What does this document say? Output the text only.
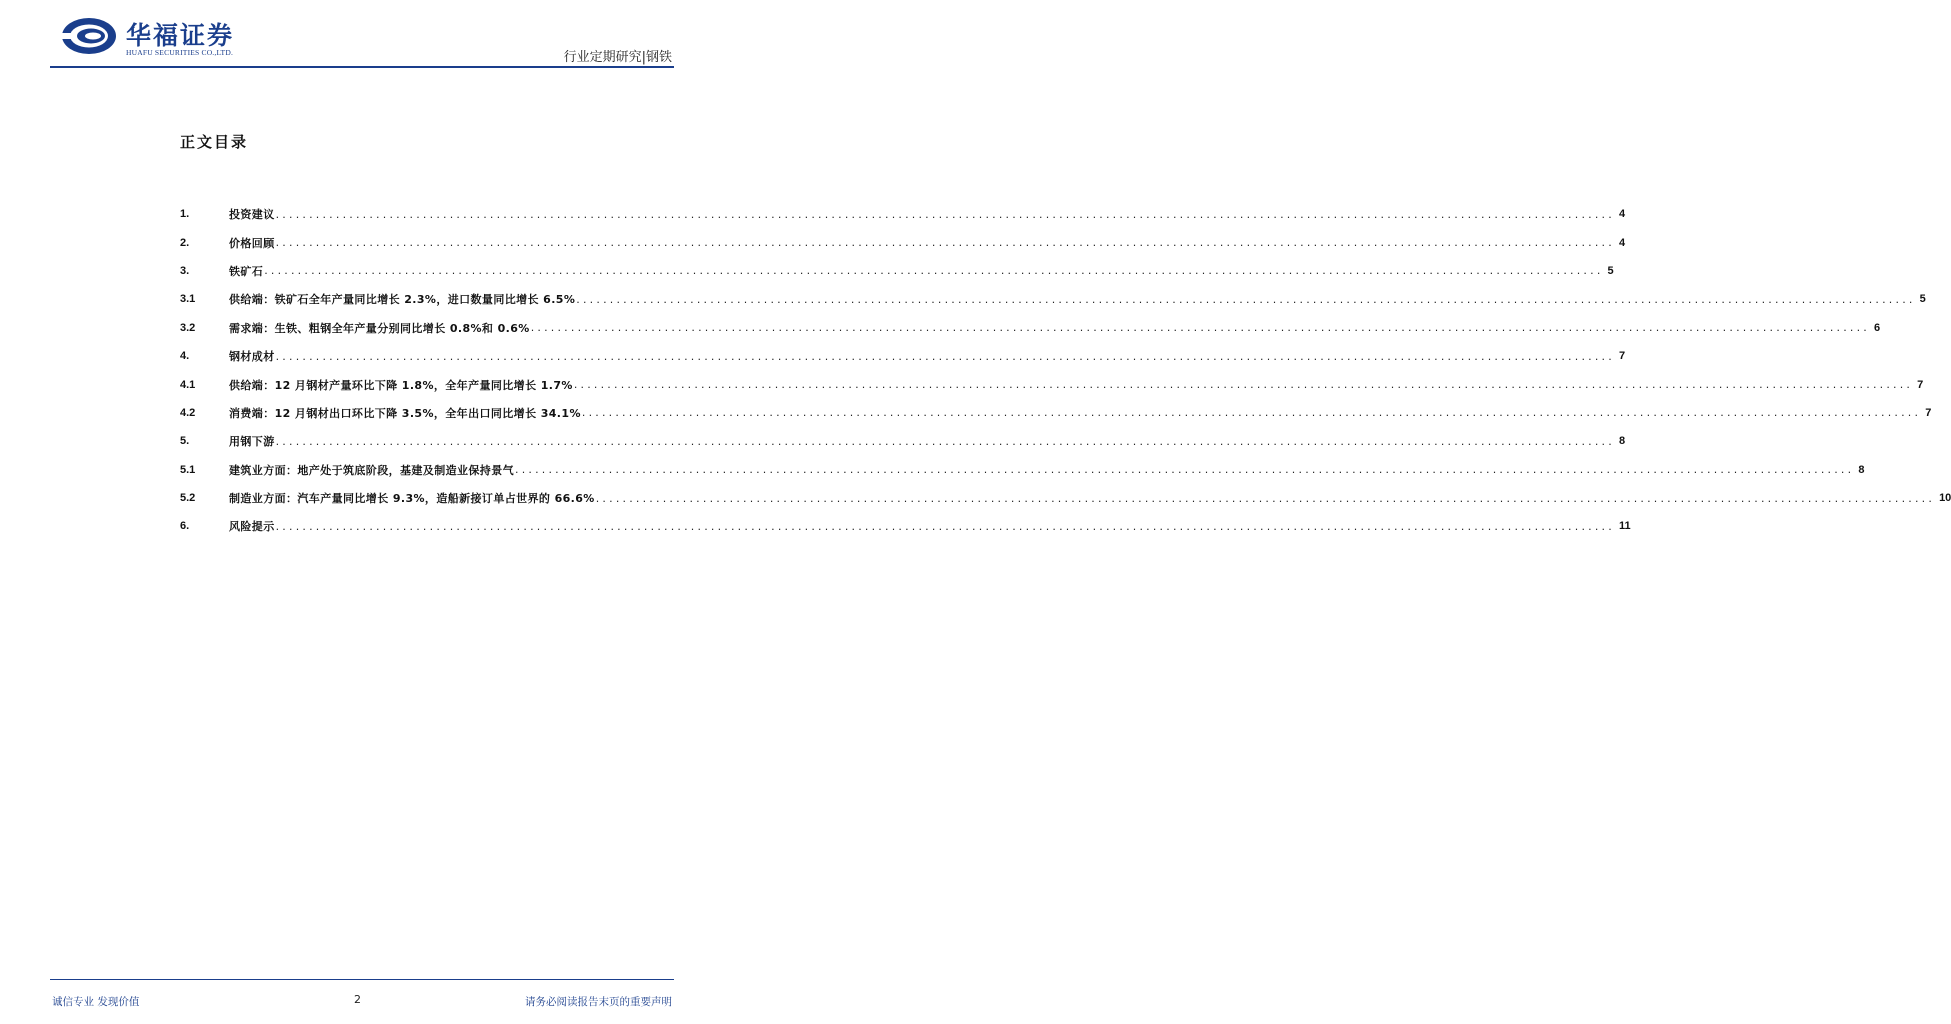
华福证券
HUAFU SECURITIES CO.,LTD.	行业定期研究|钢铁
正文目录
1.	投资建议 ........................................................................................................................................................................................................ 4
2.	价格回顾 ........................................................................................................................................................................................................ 4
3.	铁矿石 ........................................................................................................................................................................................................ 5
3.1	供给端：铁矿石全年产量同比增长 2.3%，进口数量同比增长 6.5% ........................................................................................................................................................................................................ 5
3.2	需求端：生铁、粗钢全年产量分别同比增长 0.8%和 0.6% ........................................................................................................................................................................................................ 6
4.	钢材成材 ........................................................................................................................................................................................................ 7
4.1	供给端：12 月钢材产量环比下降 1.8%，全年产量同比增长 1.7% ........................................................................................................................................................................................................ 7
4.2	消费端：12 月钢材出口环比下降 3.5%，全年出口同比增长 34.1% ........................................................................................................................................................................................................ 7
5.	用钢下游 ........................................................................................................................................................................................................ 8
5.1	建筑业方面：地产处于筑底阶段，基建及制造业保持景气 ........................................................................................................................................................................................................ 8
5.2	制造业方面：汽车产量同比增长 9.3%，造船新接订单占世界的 66.6% ........................................................................................................................................................................................................ 10
6.	风险提示 ........................................................................................................................................................................................................ 11
诚信专业 发现价值	2	请务必阅读报告末页的重要声明
